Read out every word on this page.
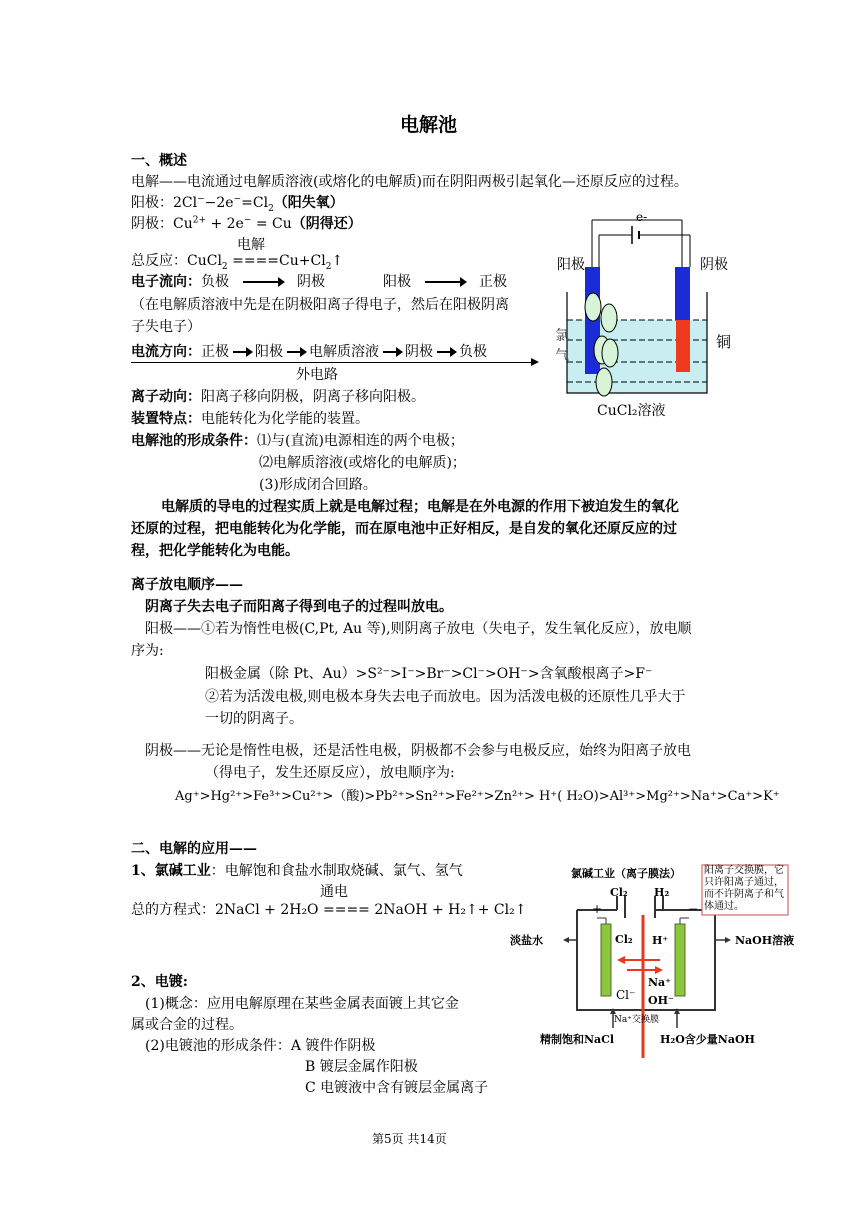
电解池
一、概述
电解——电流通过电解质溶液(或熔化的电解质)而在阴阳两极引起氧化—还原反应的过程。
阳极：$2Cl^--2e^-=Cl_2$（阳失氧）
阴极：$Cu^{2+} + 2e^- = Cu$（阴得还）
电解
总反应：CuCl$_2$ $====Cu+Cl_2↑$
电子流向：负极	阴极	阳极	正极
（在电解质溶液中先是在阴极阳离子得电子，然后在阳极阴离
子失电子）
电流方向：正极 阳极 电解质溶液 阴极 负极
外电路
离子动向：阳离子移向阴极，阴离子移向阳极。
装置特点：电能转化为化学能的装置。
电解池的形成条件：⑴与(直流)电源相连的两个电极；
⑵电解质溶液(或熔化的电解质)；
(3)形成闭合回路。
电解质的导电的过程实质上就是电解过程；电解是在外电源的作用下被迫发生的氧化
还原的过程，把电能转化为化学能，而在原电池中正好相反，是自发的氧化还原反应的过
程，把化学能转化为电能。
e-
阳极	阴极
氯气
铜
CuCl₂溶液
离子放电顺序——
阴离子失去电子而阳离子得到电子的过程叫放电。
阳极——①若为惰性电极(C,Pt, Au 等),则阴离子放电（失电子，发生氧化反应），放电顺
序为:
阳极金属（除 Pt、Au）>S²⁻>I⁻>Br⁻>Cl⁻>OH⁻>含氧酸根离子>F⁻
②若为活泼电极,则电极本身失去电子而放电。因为活泼电极的还原性几乎大于
一切的阴离子。
阴极——无论是惰性电极，还是活性电极，阴极都不会参与电极反应，始终为阳离子放电
（得电子，发生还原反应），放电顺序为:
Ag⁺>Hg²⁺>Fe³⁺>Cu²⁺>（酸)>Pb²⁺>Sn²⁺>Fe²⁺>Zn²⁺> H⁺( H₂O)>Al³⁺>Mg²⁺>Na⁺>Ca⁺>K⁺
二、电解的应用——
1、氯碱工业：电解饱和食盐水制取烧碱、氯气、氢气
通电
总的方程式：2NaCl + 2H₂O ==== 2NaOH + H₂↑+ Cl₂↑
2、电镀:
(1)概念：应用电解原理在某些金属表面镀上其它金
属或合金的过程。
(2)电镀池的形成条件：A 镀件作阴极
B 镀层金属作阳极
C 电镀液中含有镀层金属离子
氯碱工业（离子膜法） 阳离子交换膜，它
只许阳离子通过，
而不许阴离子和气
体通过。
Cl₂ H₂
+	−
淡盐水	NaOH溶液
Cl₂ H⁺
Na⁺
Cl⁻ OH⁻
Na⁺交换膜
精制饱和NaCl	H₂O含少量NaOH
第5页 共14页
